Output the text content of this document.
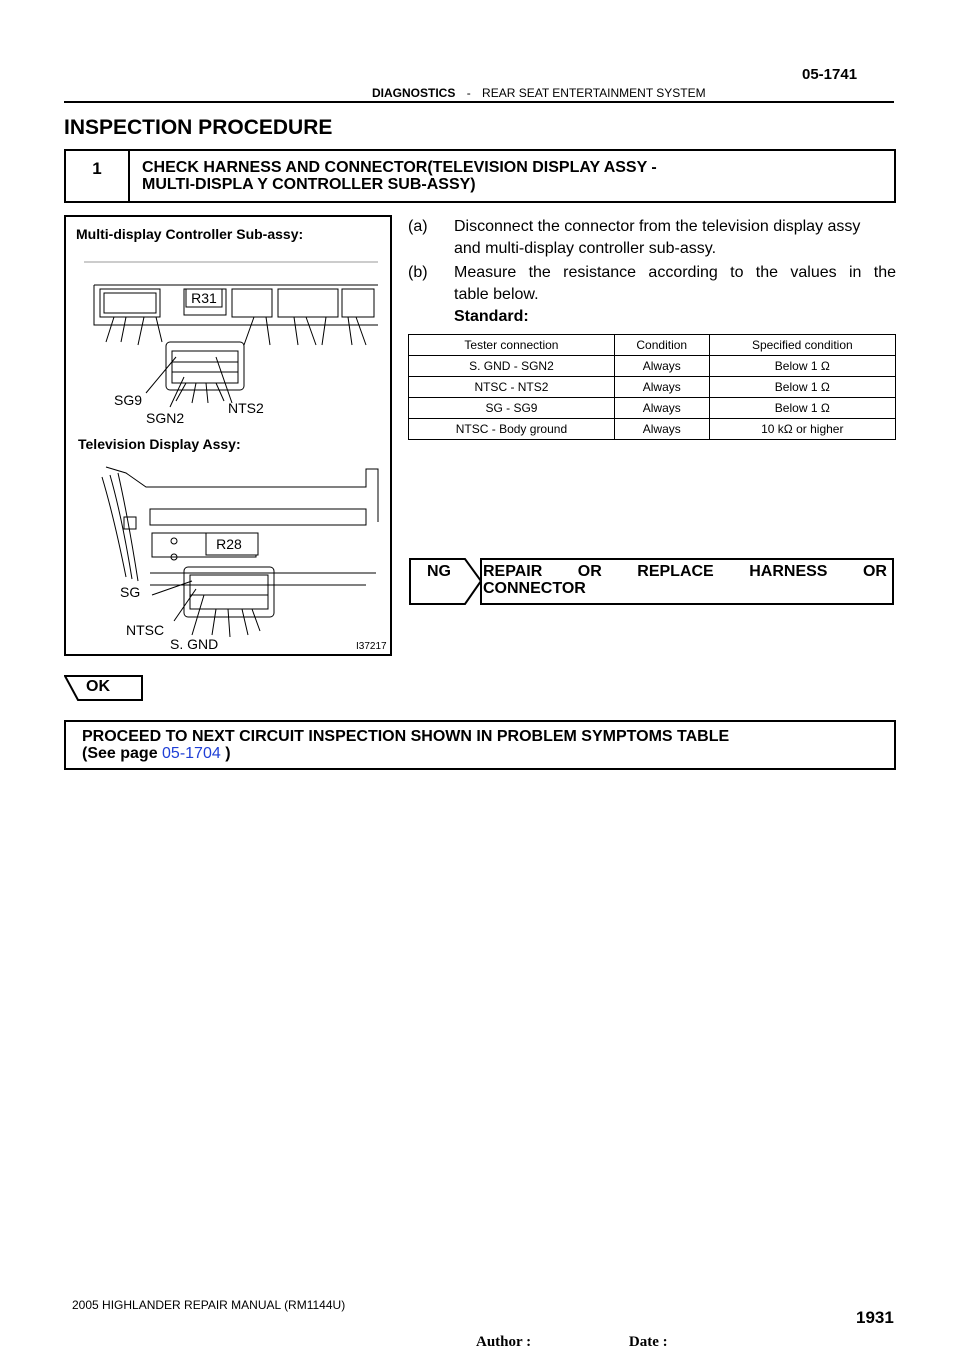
05-1741
DIAGNOSTICS - REAR SEAT ENTERTAINMENT SYSTEM
INSPECTION PROCEDURE
1	CHECK HARNESS AND CONNECTOR(TELEVISION DISPLAY ASSY -
MULTI-DISPLA Y CONTROLLER SUB-ASSY)
R31
R28
Multi-display Controller Sub-assy:
SG9
SGN2
NTS2
Television Display Assy:
SG
NTSC
S. GND	I37217
(a) Disconnect the connector from the television display assy
and multi-display controller sub-assy.
(b) Measure the resistance according to the values in the
table below.
Standard:
Tester connection	Condition	Specified condition
S. GND - SGN2	Always	Below 1 Ω
NTSC - NTS2	Always	Below 1 Ω
SG - SG9	Always	Below 1 Ω
NTSC - Body ground	Always	10 kΩ or higher
NG REPAIR OR REPLACE HARNESS OR
CONNECTOR
OK
PROCEED TO NEXT CIRCUIT INSPECTION SHOWN IN PROBLEM SYMPTOMS TABLE
(See page 05-1704 )
2005 HIGHLANDER REPAIR MANUAL (RM1144U)
1931
Author :	Date :
